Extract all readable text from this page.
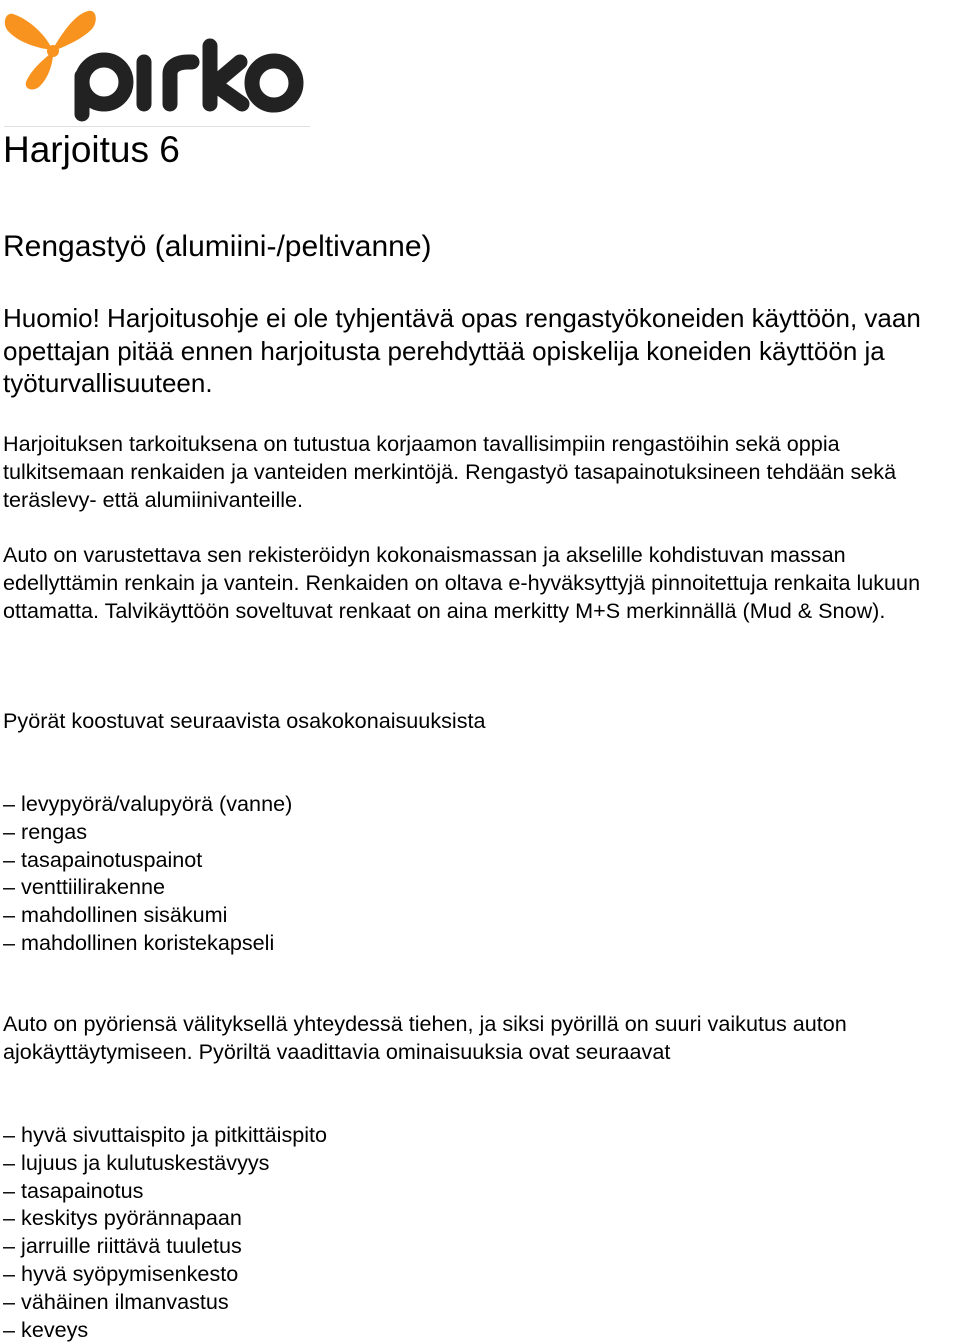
Harjoitus 6
Rengastyö (alumiini-/peltivanne)
Huomio! Harjoitusohje ei ole tyhjentävä opas rengastyökoneiden käyttöön, vaan opettajan pitää ennen harjoitusta perehdyttää opiskelija koneiden käyttöön ja työturvallisuuteen.
Harjoituksen tarkoituksena on tutustua korjaamon tavallisimpiin rengastöihin sekä oppia tulkitsemaan renkaiden ja vanteiden merkintöjä. Rengastyö tasapainotuksineen tehdään sekä teräslevy- että alumiinivanteille.
Auto on varustettava sen rekisteröidyn kokonaismassan ja akselille kohdistuvan massan edellyttämin renkain ja vantein. Renkaiden on oltava e-hyväksyttyjä pinnoitettuja renkaita lukuun ottamatta. Talvikäyttöön soveltuvat renkaat on aina merkitty M+S merkinnällä (Mud & Snow).
Pyörät koostuvat seuraavista osakokonaisuuksista
– levypyörä/valupyörä (vanne)
– rengas
– tasapainotuspainot
– venttiilirakenne
– mahdollinen sisäkumi
– mahdollinen koristekapseli
Auto on pyöriensä välityksellä yhteydessä tiehen, ja siksi pyörillä on suuri vaikutus auton ajokäyttäytymiseen. Pyöriltä vaadittavia ominaisuuksia ovat seuraavat
– hyvä sivuttaispito ja pitkittäispito
– lujuus ja kulutuskestävyys
– tasapainotus
– keskitys pyörännapaan
– jarruille riittävä tuuletus
– hyvä syöpymisenkesto
– vähäinen ilmanvastus
– keveys
